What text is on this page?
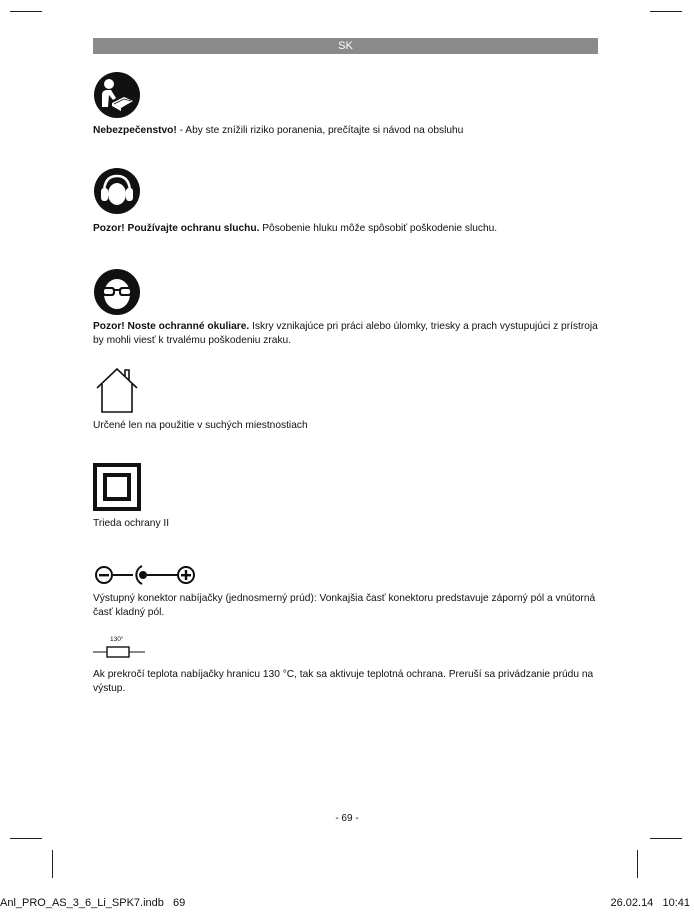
SK
Nebezpečenstvo! - Aby ste znížili riziko poranenia, prečítajte si návod na obsluhu
Pozor! Používajte ochranu sluchu. Pôsobenie hluku môže spôsobiť poškodenie sluchu.
Pozor! Noste ochranné okuliare. Iskry vznikajúce pri práci alebo úlomky, triesky a prach vystupujúci z prístroja by mohli viesť k trvalému poškodeniu zraku.
Určené len na použitie v suchých miestnostiach
Trieda ochrany II
Výstupný konektor nabíjačky (jednosmerný prúd): Vonkajšia časť konektoru predstavuje záporný pól a vnútorná časť kladný pól.
130°
Ak prekročí teplota nabíjačky hranicu 130 °C, tak sa aktivuje teplotná ochrana. Preruší sa privádzanie prúdu na výstup.
- 69 -
Anl_PRO_AS_3_6_Li_SPK7.indb   69	26.02.14   10:41
